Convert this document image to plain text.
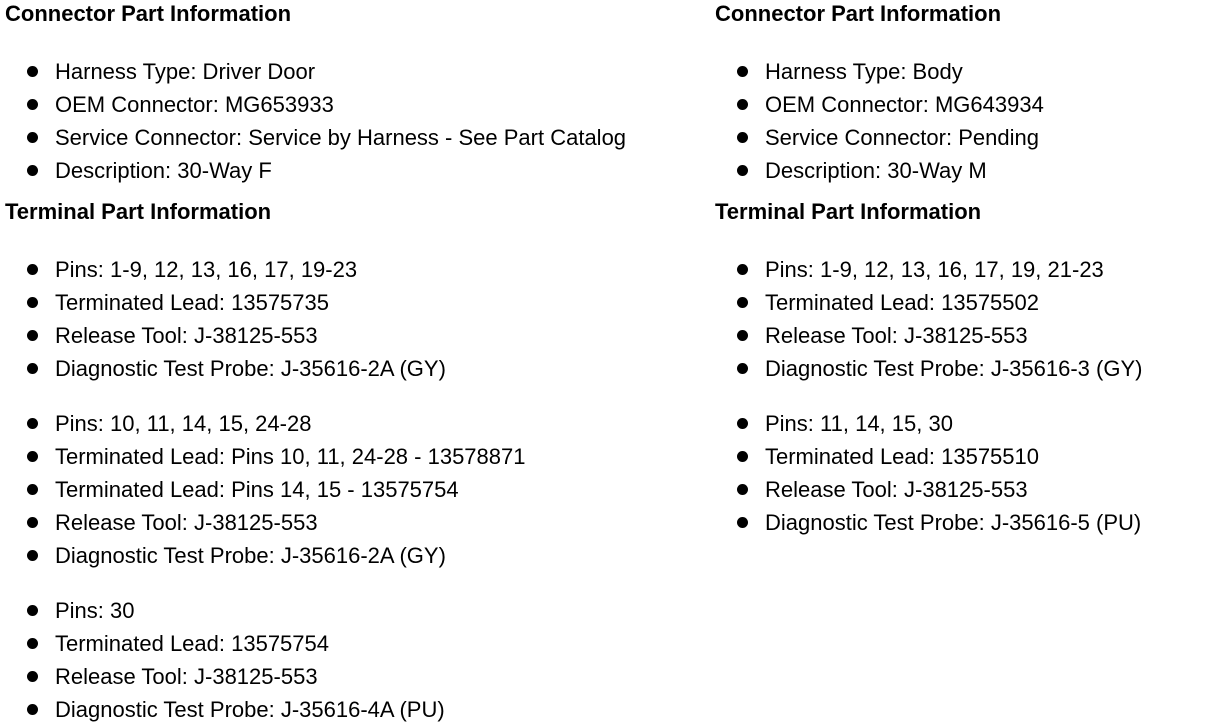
Connector Part Information
Harness Type: Driver Door
OEM Connector: MG653933
Service Connector: Service by Harness - See Part Catalog
Description: 30-Way F
Terminal Part Information
Pins: 1-9, 12, 13, 16, 17, 19-23
Terminated Lead: 13575735
Release Tool: J-38125-553
Diagnostic Test Probe: J-35616-2A (GY)
Pins: 10, 11, 14, 15, 24-28
Terminated Lead: Pins 10, 11, 24-28 - 13578871
Terminated Lead: Pins 14, 15 - 13575754
Release Tool: J-38125-553
Diagnostic Test Probe: J-35616-2A (GY)
Pins: 30
Terminated Lead: 13575754
Release Tool: J-38125-553
Diagnostic Test Probe: J-35616-4A (PU)
Connector Part Information
Harness Type: Body
OEM Connector: MG643934
Service Connector: Pending
Description: 30-Way M
Terminal Part Information
Pins: 1-9, 12, 13, 16, 17, 19, 21-23
Terminated Lead: 13575502
Release Tool: J-38125-553
Diagnostic Test Probe: J-35616-3 (GY)
Pins: 11, 14, 15, 30
Terminated Lead: 13575510
Release Tool: J-38125-553
Diagnostic Test Probe: J-35616-5 (PU)
